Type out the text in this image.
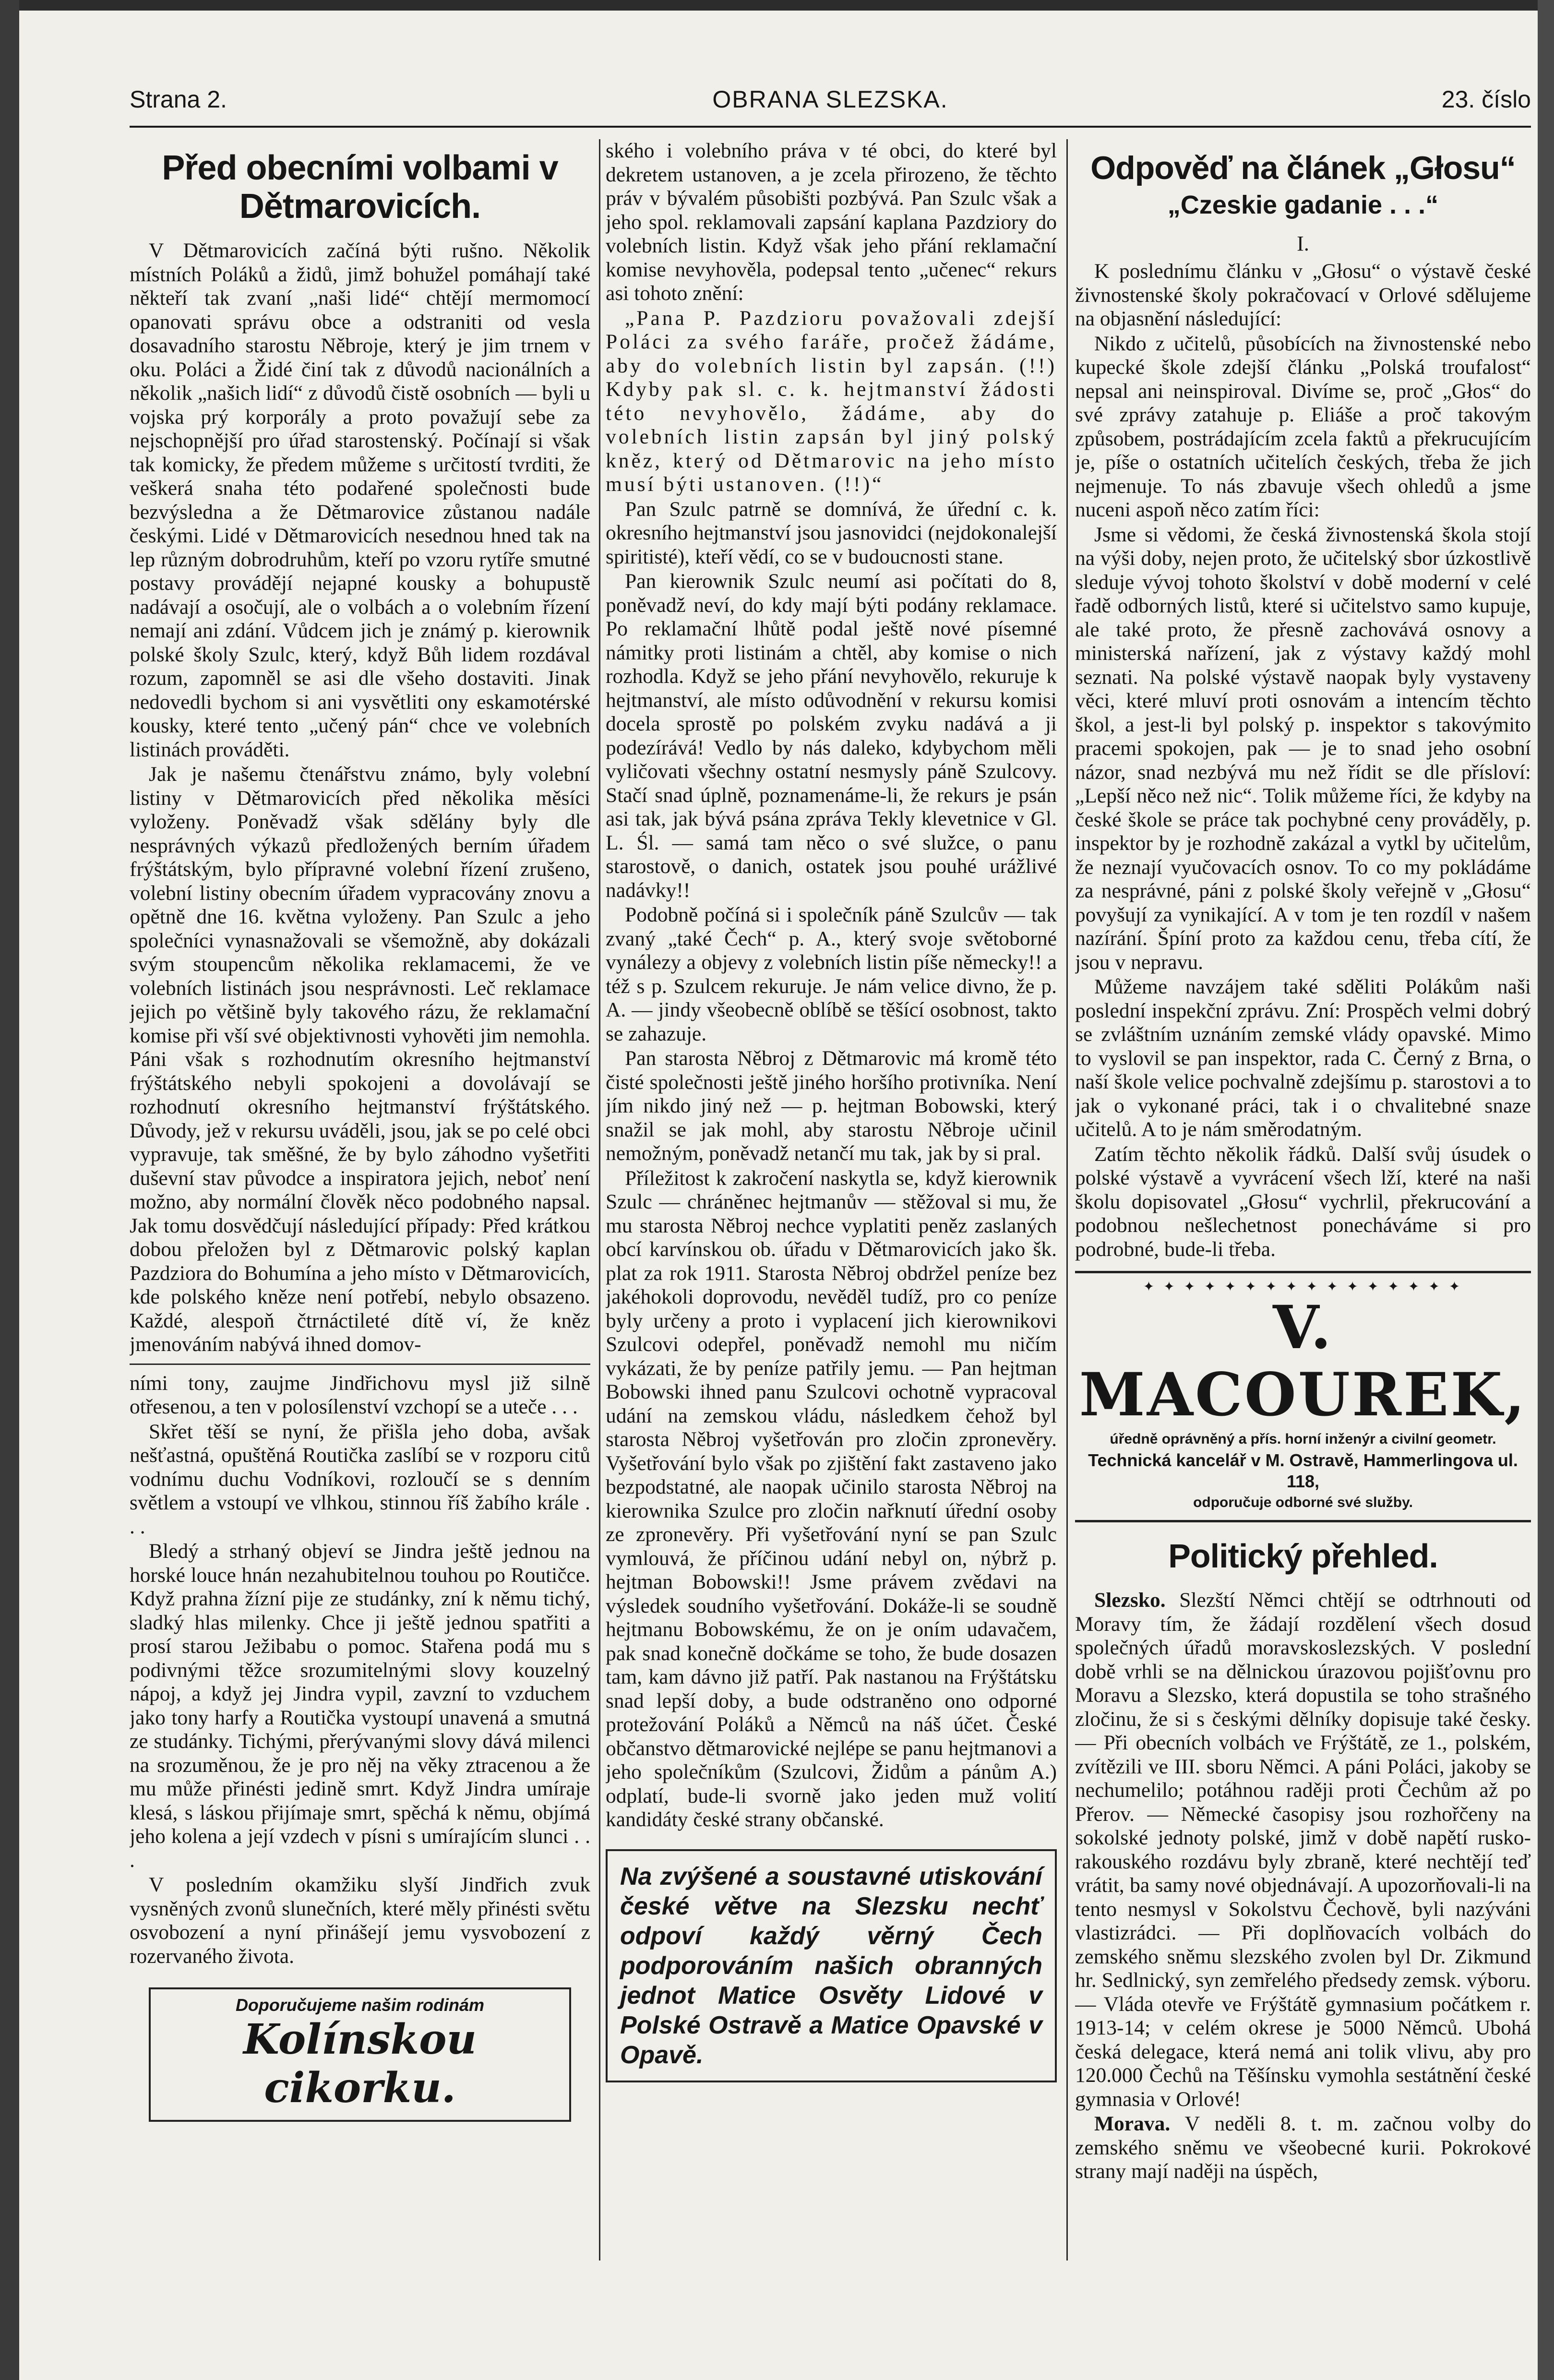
Strana 2.	OBRANA SLEZSKA.	23. číslo
Před obecními volbami v Dětmarovicích.

V Dětmarovicích začíná býti rušno. Několik místních Poláků a židů, jimž bohužel pomáhají také někteří tak zvaní „naši lidé“ chtějí mermomocí opanovati správu obce a odstraniti od vesla dosavadního starostu Něbroje, který je jim trnem v oku. Poláci a Židé činí tak z důvodů nacionálních a několik „našich lidí“ z důvodů čistě osobních — byli u vojska prý korporály a proto považují sebe za nejschopnější pro úřad starostenský. Počínají si však tak komicky, že předem můžeme s určitostí tvrditi, že veškerá snaha této podařené společnosti bude bezvýsledna a že Dětmarovice zůstanou nadále českými. Lidé v Dětmarovicích nesednou hned tak na lep různým dobrodruhům, kteří po vzoru rytíře smutné postavy provádějí nejapné kousky a bohupustě nadávají a osočují, ale o volbách a o volebním řízení nemají ani zdání. Vůdcem jich je známý p. kierownik polské školy Szulc, který, když Bůh lidem rozdával rozum, zapomněl se asi dle všeho dostaviti. Jinak nedovedli bychom si ani vysvětliti ony eskamotérské kousky, které tento „učený pán“ chce ve volebních listinách prováděti.

Jak je našemu čtenářstvu známo, byly volební listiny v Dětmarovicích před několika měsíci vyloženy. Poněvadž však sdělány byly dle nesprávných výkazů předložených berním úřadem frýštátským, bylo přípravné volební řízení zrušeno, volební listiny obecním úřadem vypracovány znovu a opětně dne 16. května vyloženy. Pan Szulc a jeho společníci vynasnažovali se všemožně, aby dokázali svým stoupencům několika reklamacemi, že ve volebních listinách jsou nesprávnosti. Leč reklamace jejich po většině byly takového rázu, že reklamační komise při vší své objektivnosti vyhověti jim nemohla. Páni však s rozhodnutím okresního hejtmanství frýštátského nebyli spokojeni a dovolávají se rozhodnutí okresního hejtmanství frýštátského. Důvody, jež v rekursu uváděli, jsou, jak se po celé obci vypravuje, tak směšné, že by bylo záhodno vyšetřiti duševní stav původce a inspiratora jejich, neboť není možno, aby normální člověk něco podobného napsal. Jak tomu dosvědčují následující případy: Před krátkou dobou přeložen byl z Dětmarovic polský kaplan Pazdziora do Bohumína a jeho místo v Dětmarovicích, kde polského kněze není potřebí, nebylo obsazeno. Každé, alespoň čtrnáctileté dítě ví, že kněz jmenováním nabývá ihned domov-

ními tony, zaujme Jindřichovu mysl již silně otřesenou, a ten v polosílenství vzchopí se a uteče . . .

Skřet těší se nyní, že přišla jeho doba, avšak nešťastná, opuštěná Routička zaslíbí se v rozporu citů vodnímu duchu Vodníkovi, rozloučí se s denním světlem a vstoupí ve vlhkou, stinnou říš žabího krále . . .

Bledý a strhaný objeví se Jindra ještě jednou na horské louce hnán nezahubitelnou touhou po Routičce. Když prahna žízní pije ze studánky, zní k němu tichý, sladký hlas milenky. Chce ji ještě jednou spatřiti a prosí starou Ježibabu o pomoc. Stařena podá mu s podivnými těžce srozumitelnými slovy kouzelný nápoj, a když jej Jindra vypil, zavzní to vzduchem jako tony harfy a Routička vystoupí unavená a smutná ze studánky. Tichými, přerývanými slovy dává milenci na srozuměnou, že je pro něj na věky ztracenou a že mu může přinésti jedině smrt. Když Jindra umíraje klesá, s láskou přijímaje smrt, spěchá k němu, objímá jeho kolena a její vzdech v písni s umírajícím slunci . . .

V posledním okamžiku slyší Jindřich zvuk vysněných zvonů slunečních, které měly přinésti světu osvobození a nyní přinášejí jemu vysvobození z rozervaného života.

Doporučujeme našim rodinám
Kolínskou cikorku.

ského i volebního práva v té obci, do které byl dekretem ustanoven, a je zcela přirozeno, že těchto práv v bývalém působišti pozbývá. Pan Szulc však a jeho spol. reklamovali zapsání kaplana Pazdziory do volebních listin. Když však jeho přání reklamační komise nevyhověla, podepsal tento „učenec“ rekurs asi tohoto znění:

„Pana P. Pazdzioru považovali zdejší Poláci za svého faráře, pročež žádáme, aby do volebních listin byl zapsán. (!!) Kdyby pak sl. c. k. hejtmanství žádosti této nevyhovělo, žádáme, aby do volebních listin zapsán byl jiný polský kněz, který od Dětmarovic na jeho místo musí býti ustanoven. (!!)“

Pan Szulc patrně se domnívá, že úřední c. k. okresního hejtmanství jsou jasnovidci (nejdokonalejší spiritisté), kteří vědí, co se v budoucnosti stane.

Pan kierownik Szulc neumí asi počítati do 8, poněvadž neví, do kdy mají býti podány reklamace. Po reklamační lhůtě podal ještě nové písemné námitky proti listinám a chtěl, aby komise o nich rozhodla. Když se jeho přání nevyhovělo, rekuruje k hejtmanství, ale místo odůvodnění v rekursu komisi docela sprostě po polském zvyku nadává a ji podezírává! Vedlo by nás daleko, kdybychom měli vyličovati všechny ostatní nesmysly páně Szulcovy. Stačí snad úplně, poznamenáme-li, že rekurs je psán asi tak, jak bývá psána zpráva Tekly klevetnice v Gl. L. Śl. — samá tam něco o své služce, o panu starostově, o danich, ostatek jsou pouhé urážlivé nadávky!!

Podobně počíná si i společník páně Szulcův — tak zvaný „také Čech“ p. A., který svoje světoborné vynálezy a objevy z volebních listin píše německy!! a též s p. Szulcem rekuruje. Je nám velice divno, že p. A. — jindy všeobecně oblíbě se těšící osobnost, takto se zahazuje.

Pan starosta Něbroj z Dětmarovic má kromě této čisté společnosti ještě jiného horšího protivníka. Není jím nikdo jiný než — p. hejtman Bobowski, který snažil se jak mohl, aby starostu Něbroje učinil nemožným, poněvadž netančí mu tak, jak by si pral.

Příležitost k zakročení naskytla se, když kierownik Szulc — chráněnec hejtmanův — stěžoval si mu, že mu starosta Něbroj nechce vyplatiti peněz zaslaných obcí karvínskou ob. úřadu v Dětmarovicích jako šk. plat za rok 1911. Starosta Něbroj obdržel peníze bez jakéhokoli doprovodu, nevěděl tudíž, pro co peníze byly určeny a proto i vyplacení jich kierownikovi Szulcovi odepřel, poněvadž nemohl mu ničím vykázati, že by peníze patřily jemu. — Pan hejtman Bobowski ihned panu Szulcovi ochotně vypracoval udání na zemskou vládu, následkem čehož byl starosta Něbroj vyšetřován pro zločin zpronevěry. Vyšetřování bylo však po zjištění fakt zastaveno jako bezpodstatné, ale naopak učinilo starosta Něbroj na kierownika Szulce pro zločin nařknutí úřední osoby ze zpronevěry. Při vyšetřování nyní se pan Szulc vymlouvá, že příčinou udání nebyl on, nýbrž p. hejtman Bobowski!! Jsme právem zvědavi na výsledek soudního vyšetřování. Dokáže-li se soudně hejtmanu Bobowskému, že on je oním udavačem, pak snad konečně dočkáme se toho, že bude dosazen tam, kam dávno již patří. Pak nastanou na Frýštátsku snad lepší doby, a bude odstraněno ono odporné protežování Poláků a Němců na náš účet. České občanstvo dětmarovické nejlépe se panu hejtmanovi a jeho společníkům (Szulcovi, Židům a pánům A.) odplatí, bude-li svorně jako jeden muž volití kandidáty české strany občanské.

Na zvýšené a soustavné utiskování české větve na Slezsku nechť odpoví každý věrný Čech podporováním našich obranných jednot Matice Osvěty Lidové v Polské Ostravě a Matice Opavské v Opavě.
Odpověď na článek „Głosu“
„Czeskie gadanie . . .“
I.

K poslednímu článku v „Głosu“ o výstavě české živnostenské školy pokračovací v Orlové sdělujeme na objasnění následující:

Nikdo z učitelů, působících na živnostenské nebo kupecké škole zdejší článku „Polská troufalost“ nepsal ani neinspiroval. Divíme se, proč „Głos“ do své zprávy zatahuje p. Eliáše a proč takovým způsobem, postrádajícím zcela faktů a překrucujícím je, píše o ostatních učitelích českých, třeba že jich nejmenuje. To nás zbavuje všech ohledů a jsme nuceni aspoň něco zatím říci:

Jsme si vědomi, že česká živnostenská škola stojí na výši doby, nejen proto, že učitelský sbor úzkostlivě sleduje vývoj tohoto školství v době moderní v celé řadě odborných listů, které si učitelstvo samo kupuje, ale také proto, že přesně zachovává osnovy a ministerská nařízení, jak z výstavy každý mohl seznati. Na polské výstavě naopak byly vystaveny věci, které mluví proti osnovám a intencím těchto škol, a jest-li byl polský p. inspektor s takovýmito pracemi spokojen, pak — je to snad jeho osobní názor, snad nezbývá mu než řídit se dle přísloví: „Lepší něco než nic“. Tolik můžeme říci, že kdyby na české škole se práce tak pochybné ceny prováděly, p. inspektor by je rozhodně zakázal a vytkl by učitelům, že neznají vyučovacích osnov. To co my pokládáme za nesprávné, páni z polské školy veřejně v „Głosu“ povyšují za vynikající. A v tom je ten rozdíl v našem nazírání. Špíní proto za každou cenu, třeba cítí, že jsou v nepravu.

Můžeme navzájem také sděliti Polákům naši poslední inspekční zprávu. Zní: Prospěch velmi dobrý se zvláštním uznáním zemské vlády opavské. Mimo to vyslovil se pan inspektor, rada C. Černý z Brna, o naší škole velice pochvalně zdejšímu p. starostovi a to jak o vykonané práci, tak i o chvalitebné snaze učitelů. A to je nám směrodatným.

Zatím těchto několik řádků. Další svůj úsudek o polské výstavě a vyvrácení všech lží, které na naši školu dopisovatel „Głosu“ vychrlil, překrucování a podobnou nešlechetnost ponecháváme si pro podrobné, bude-li třeba.

✦ ✦ ✦ ✦ ✦ ✦ ✦ ✦ ✦ ✦ ✦ ✦ ✦ ✦ ✦ ✦
V. MACOUREK,
úředně oprávněný a přís. horní inženýr a civilní geometr.
Technická kancelář v M. Ostravě, Hammerlingova ul. 118,
odporučuje odborné své služby.
Politický přehled.

Slezsko. Slezští Němci chtějí se odtrhnouti od Moravy tím, že žádají rozdělení všech dosud společných úřadů moravskoslezských. V poslední době vrhli se na dělnickou úrazovou pojišťovnu pro Moravu a Slezsko, která dopustila se toho strašného zločinu, že si s českými dělníky dopisuje také česky. — Při obecních volbách ve Frýštátě, ze 1., polském, zvítězili ve III. sboru Němci. A páni Poláci, jakoby se nechumelilo; potáhnou raději proti Čechům až po Přerov. — Německé časopisy jsou rozhořčeny na sokolské jednoty polské, jimž v době napětí rusko-rakouského rozdávu byly zbraně, které nechtějí teď vrátit, ba samy nové objednávají. A upozorňovali-li na tento nesmysl v Sokolstvu Čechově, byli nazýváni vlastizrádci. — Při doplňovacích volbách do zemského sněmu slezského zvolen byl Dr. Zikmund hr. Sedlnický, syn zemřelého předsedy zemsk. výboru. — Vláda otevře ve Frýštátě gymnasium počátkem r. 1913-14; v celém okrese je 5000 Němců. Ubohá česká delegace, která nemá ani tolik vlivu, aby pro 120.000 Čechů na Těšínsku vymohla sestátnění české gymnasia v Orlové!

Morava. V neděli 8. t. m. začnou volby do zemského sněmu ve všeobecné kurii. Pokrokové strany mají naději na úspěch,
